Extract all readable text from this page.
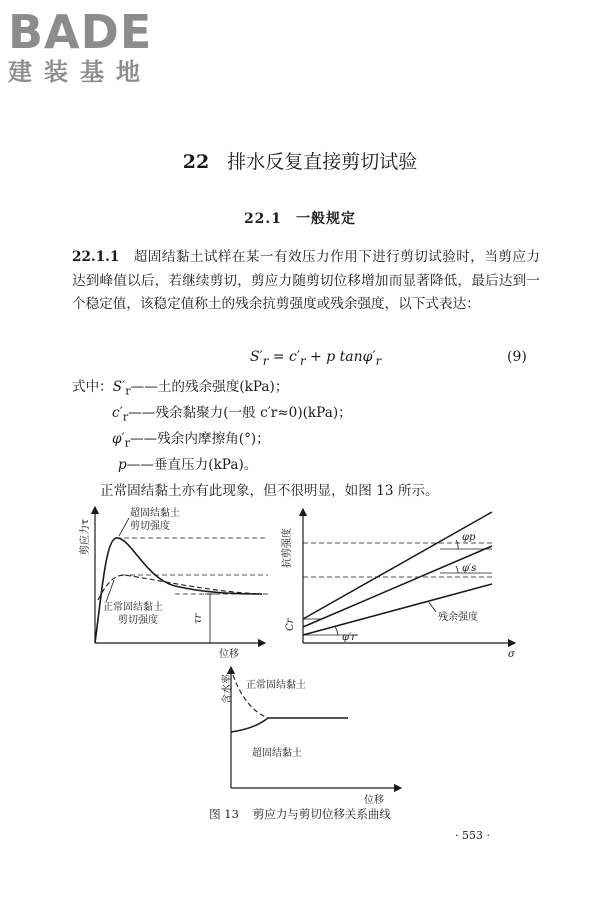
BADE
建装基地
22 排水反复直接剪切试验
22.1 一般规定
22.1.1 超固结黏土试样在某一有效压力作用下进行剪切试验时，当剪应力达到峰值以后，若继续剪切，剪应力随剪切位移增加而显著降低，最后达到一个稳定值，该稳定值称土的残余抗剪强度或残余强度，以下式表达：
$S'_r = c'_r + p$ $\tan\varphi'_r$	(9)
式中：$S'_r——$土的残余强度(kPa)；
$c'_r——$残余黏聚力(一般 c′r≈0)(kPa)；
$\varphi'_r——$残余内摩擦角(°)；
p——垂直压力(kPa)。
正常固结黏土亦有此现象，但不很明显，如图 13 所示。
超固结黏土
剪切强度
正常固结黏土
剪切强度	τr
剪应力τ
位移
φp
φ′s
φ′r
Cr
残余强度
抗剪强度
σ
正常固结黏土
超固结黏土
含水率
位移
图 13 剪应力与剪切位移关系曲线
· 553 ·
